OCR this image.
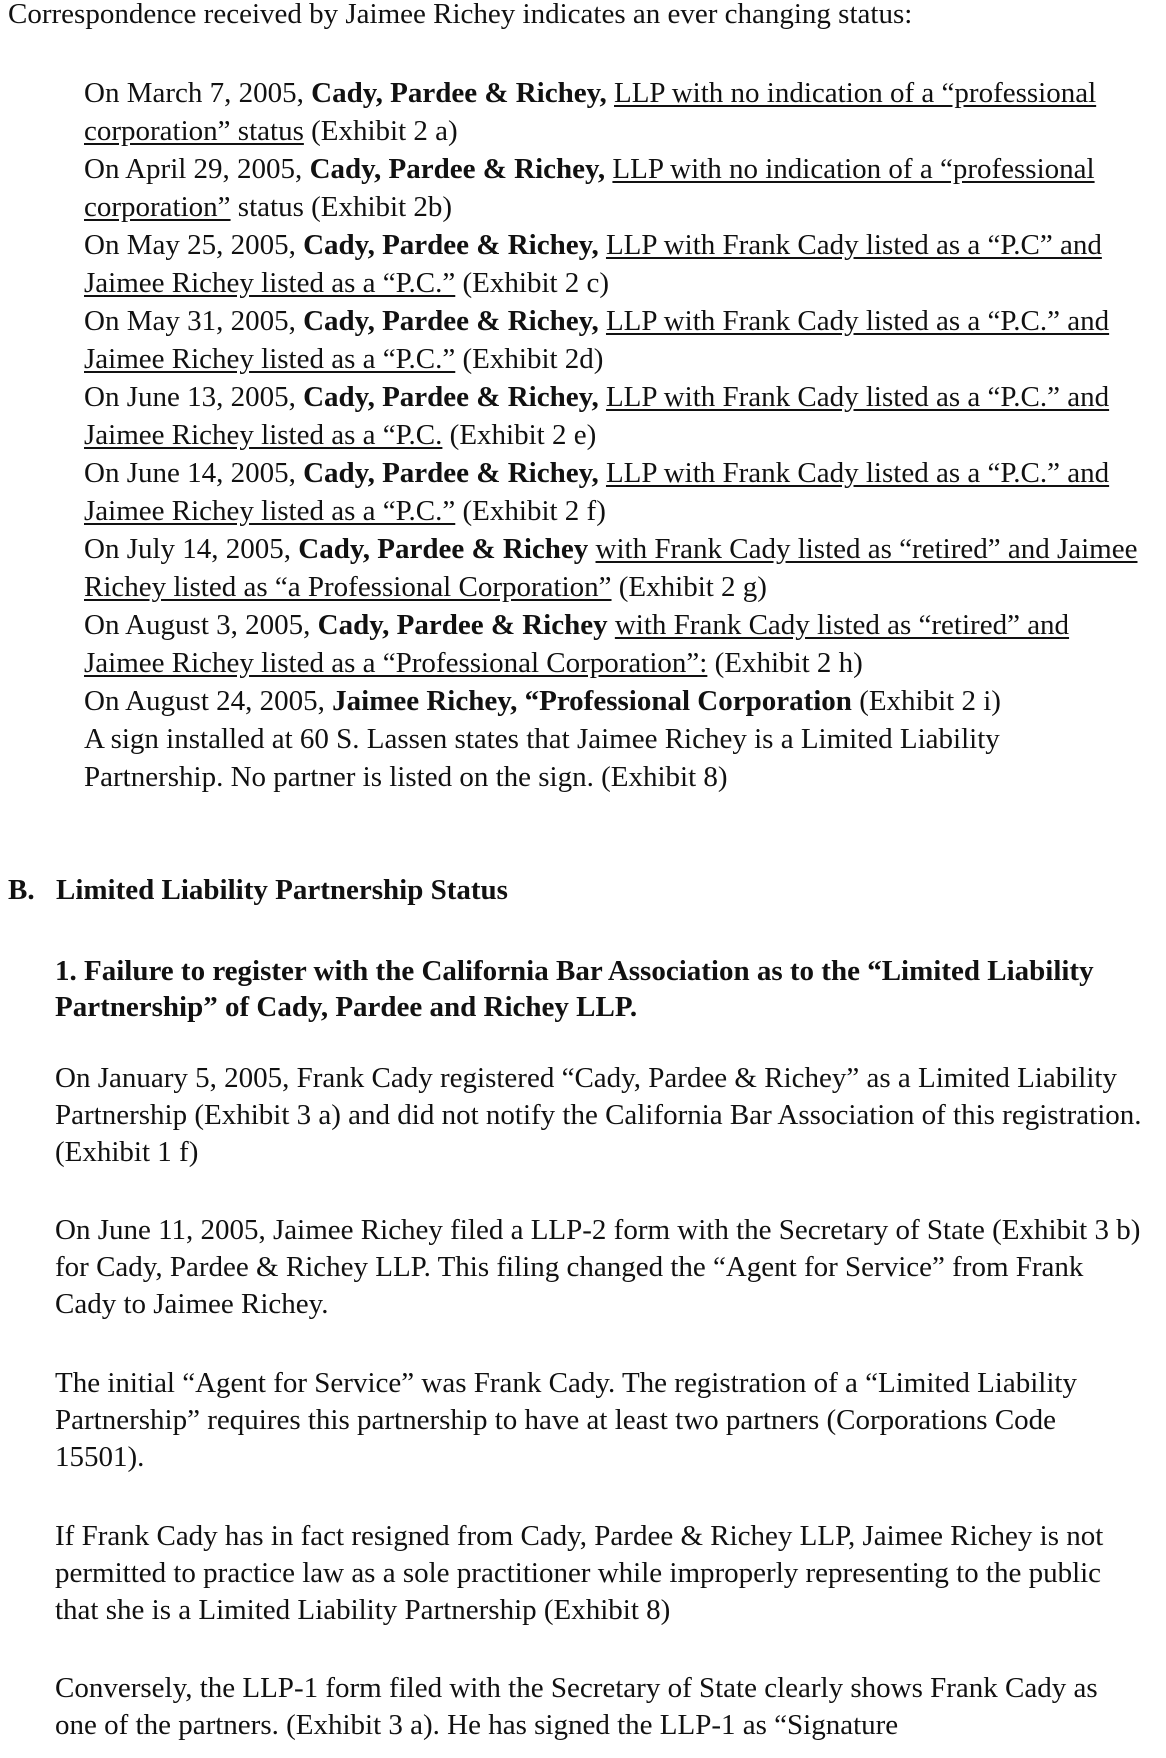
Correspondence received by Jaimee Richey indicates an ever changing status:

On March 7, 2005, Cady, Pardee & Richey, LLP with no indication of a “professional corporation” status (Exhibit 2 a)

On April 29, 2005, Cady, Pardee & Richey, LLP with no indication of a “professional corporation” status (Exhibit 2b)

On May 25, 2005, Cady, Pardee & Richey, LLP with Frank Cady listed as a “P.C” and Jaimee Richey listed as a “P.C.” (Exhibit 2 c)

On May 31, 2005, Cady, Pardee & Richey, LLP with Frank Cady listed as a “P.C.” and Jaimee Richey listed as a “P.C.” (Exhibit 2d)

On June 13, 2005, Cady, Pardee & Richey, LLP with Frank Cady listed as a “P.C.” and Jaimee Richey listed as a “P.C. (Exhibit 2 e)

On June 14, 2005, Cady, Pardee & Richey, LLP with Frank Cady listed as a “P.C.” and Jaimee Richey listed as a “P.C.” (Exhibit 2 f)

On July 14, 2005, Cady, Pardee & Richey with Frank Cady listed as “retired” and Jaimee Richey listed as “a Professional Corporation” (Exhibit 2 g)

On August 3, 2005, Cady, Pardee & Richey with Frank Cady listed as “retired” and Jaimee Richey listed as a “Professional Corporation”: (Exhibit 2 h)

On August 24, 2005, Jaimee Richey, “Professional Corporation (Exhibit 2 i)

A sign installed at 60 S. Lassen states that Jaimee Richey is a Limited Liability Partnership. No partner is listed on the sign. (Exhibit 8)

B. Limited Liability Partnership Status
1. Failure to register with the California Bar Association as to the “Limited Liability Partnership” of Cady, Pardee and Richey LLP.
On January 5, 2005, Frank Cady registered “Cady, Pardee & Richey” as a Limited Liability Partnership (Exhibit 3 a) and did not notify the California Bar Association of this registration. (Exhibit 1 f)
On June 11, 2005, Jaimee Richey filed a LLP-2 form with the Secretary of State (Exhibit 3 b) for Cady, Pardee & Richey LLP. This filing changed the “Agent for Service” from Frank Cady to Jaimee Richey.
The initial “Agent for Service” was Frank Cady. The registration of a “Limited Liability Partnership” requires this partnership to have at least two partners (Corporations Code 15501).
If Frank Cady has in fact resigned from Cady, Pardee & Richey LLP, Jaimee Richey is not permitted to practice law as a sole practitioner while improperly representing to the public that she is a Limited Liability Partnership (Exhibit 8)
Conversely, the LLP-1 form filed with the Secretary of State clearly shows Frank Cady as one of the partners. (Exhibit 3 a). He has signed the LLP-1 as “Signature
